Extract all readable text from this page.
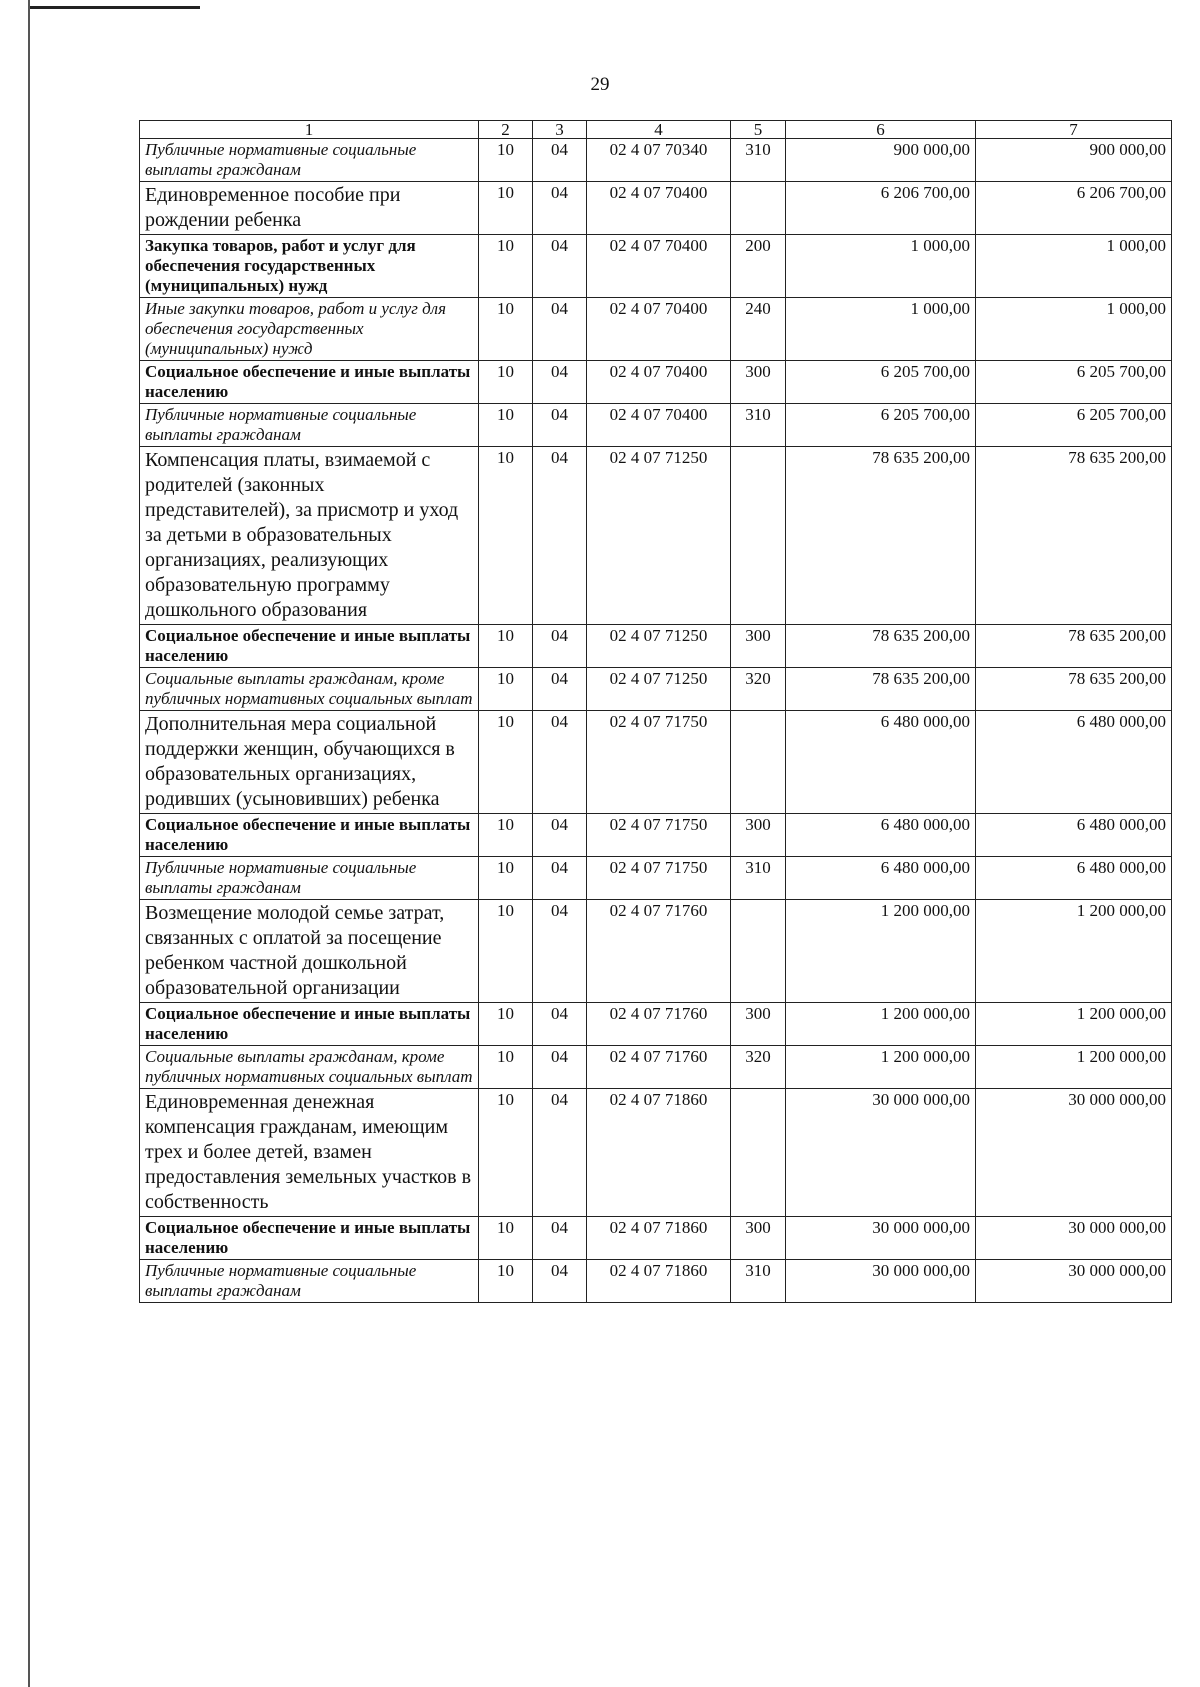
29
1	2	3	4	5	6	7
Публичные нормативные социальные выплаты гражданам	10	04	02 4 07 70340	310	900 000,00	900 000,00
Единовременное пособие при рождении ребенка	10	04	02 4 07 70400		6 206 700,00	6 206 700,00
Закупка товаров, работ и услуг для обеспечения государственных (муниципальных) нужд	10	04	02 4 07 70400	200	1 000,00	1 000,00
Иные закупки товаров, работ и услуг для обеспечения государственных (муниципальных) нужд	10	04	02 4 07 70400	240	1 000,00	1 000,00
Социальное обеспечение и иные выплаты населению	10	04	02 4 07 70400	300	6 205 700,00	6 205 700,00
Публичные нормативные социальные выплаты гражданам	10	04	02 4 07 70400	310	6 205 700,00	6 205 700,00
Компенсация платы, взимаемой с родителей (законных представителей), за присмотр и уход за детьми в образовательных организациях, реализующих образовательную программу дошкольного образования	10	04	02 4 07 71250		78 635 200,00	78 635 200,00
Социальное обеспечение и иные выплаты населению	10	04	02 4 07 71250	300	78 635 200,00	78 635 200,00
Социальные выплаты гражданам, кроме публичных нормативных социальных выплат	10	04	02 4 07 71250	320	78 635 200,00	78 635 200,00
Дополнительная мера социальной поддержки женщин, обучающихся в образовательных организациях, родивших (усыновивших) ребенка	10	04	02 4 07 71750		6 480 000,00	6 480 000,00
Социальное обеспечение и иные выплаты населению	10	04	02 4 07 71750	300	6 480 000,00	6 480 000,00
Публичные нормативные социальные выплаты гражданам	10	04	02 4 07 71750	310	6 480 000,00	6 480 000,00
Возмещение молодой семье затрат, связанных с оплатой за посещение ребенком частной дошкольной образовательной организации	10	04	02 4 07 71760		1 200 000,00	1 200 000,00
Социальное обеспечение и иные выплаты населению	10	04	02 4 07 71760	300	1 200 000,00	1 200 000,00
Социальные выплаты гражданам, кроме публичных нормативных социальных выплат	10	04	02 4 07 71760	320	1 200 000,00	1 200 000,00
Единовременная денежная компенсация гражданам, имеющим трех и более детей, взамен предоставления земельных участков в собственность	10	04	02 4 07 71860		30 000 000,00	30 000 000,00
Социальное обеспечение и иные выплаты населению	10	04	02 4 07 71860	300	30 000 000,00	30 000 000,00
Публичные нормативные социальные выплаты гражданам	10	04	02 4 07 71860	310	30 000 000,00	30 000 000,00
